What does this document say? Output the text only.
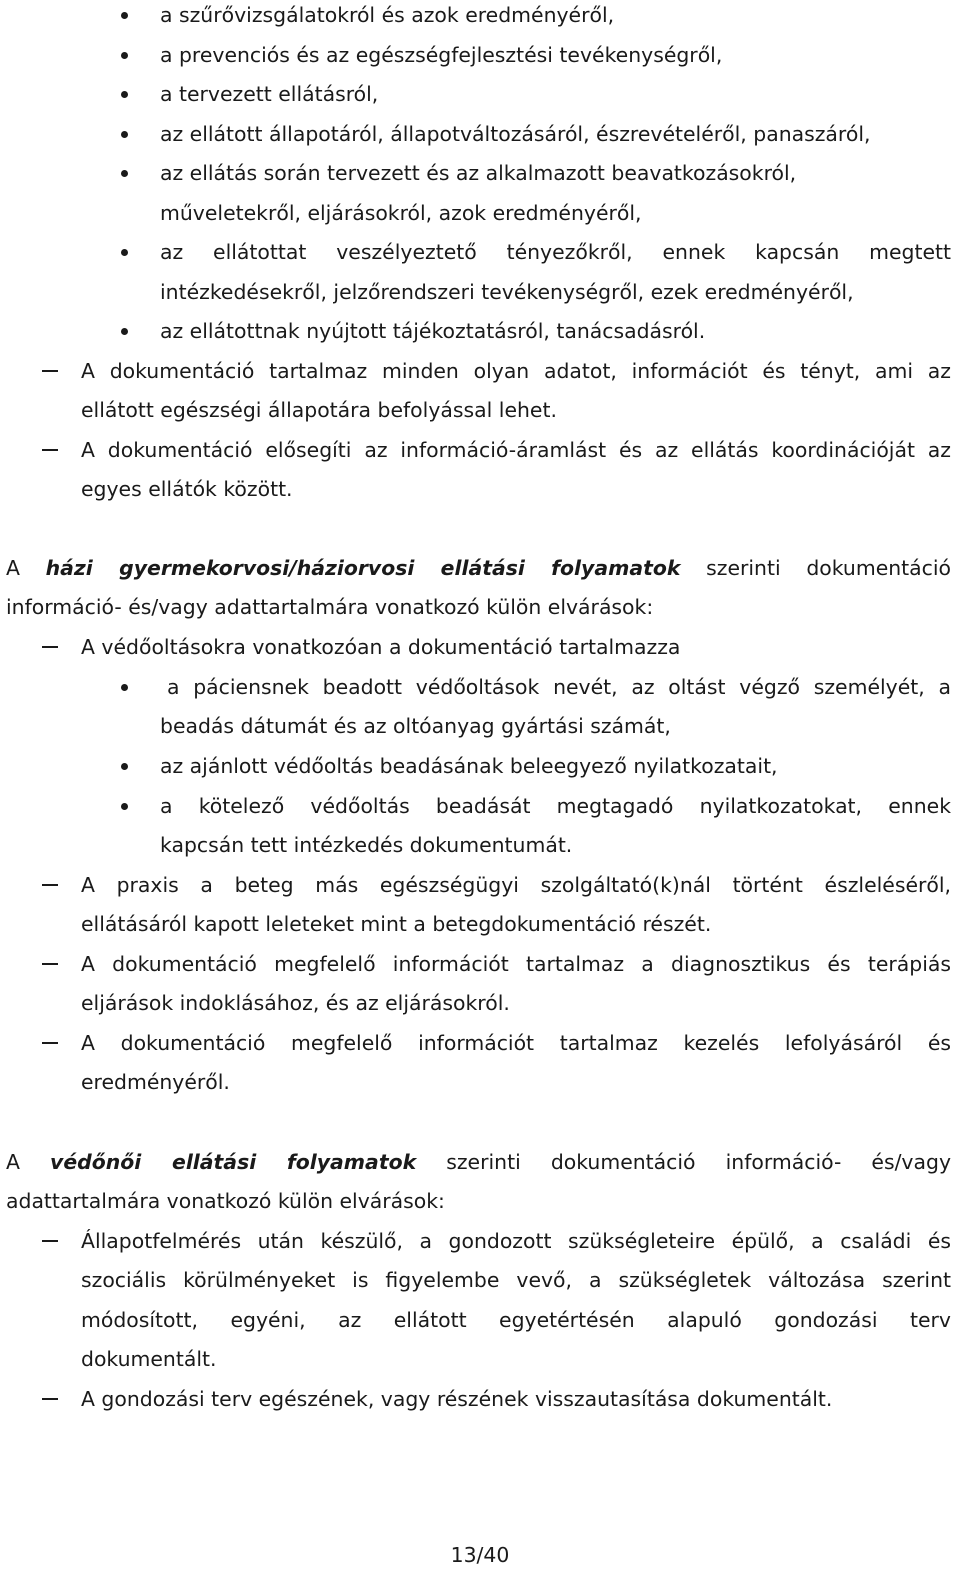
a szűrővizsgálatokról és azok eredményéről,
a prevenciós és az egészségfejlesztési tevékenységről,
a tervezett ellátásról,
az ellátott állapotáról, állapotváltozásáról, észrevételéről, panaszáról,
az ellátás során tervezett és az alkalmazott beavatkozásokról,
műveletekről, eljárásokról, azok eredményéről,
az ellátottat veszélyeztető tényezőkről, ennek kapcsán megtett
intézkedésekről, jelzőrendszeri tevékenységről, ezek eredményéről,
az ellátottnak nyújtott tájékoztatásról, tanácsadásról.
A dokumentáció tartalmaz minden olyan adatot, információt és tényt, ami az
ellátott egészségi állapotára befolyással lehet.
A dokumentáció elősegíti az információ-áramlást és az ellátás koordinációját az
egyes ellátók között.
A házi gyermekorvosi/háziorvosi ellátási folyamatok szerinti dokumentáció
információ- és/vagy adattartalmára vonatkozó külön elvárások:
A védőoltásokra vonatkozóan a dokumentáció tartalmazza
a páciensnek beadott védőoltások nevét, az oltást végző személyét, a
beadás dátumát és az oltóanyag gyártási számát,
az ajánlott védőoltás beadásának beleegyező nyilatkozatait,
a kötelező védőoltás beadását megtagadó nyilatkozatokat, ennek
kapcsán tett intézkedés dokumentumát.
A praxis a beteg más egészségügyi szolgáltató(k)nál történt észleléséről,
ellátásáról kapott leleteket mint a betegdokumentáció részét.
A dokumentáció megfelelő információt tartalmaz a diagnosztikus és terápiás
eljárások indoklásához, és az eljárásokról.
A dokumentáció megfelelő információt tartalmaz kezelés lefolyásáról és
eredményéről.
A védőnői ellátási folyamatok szerinti dokumentáció információ- és/vagy
adattartalmára vonatkozó külön elvárások:
Állapotfelmérés után készülő, a gondozott szükségleteire épülő, a családi és
szociális körülményeket is figyelembe vevő, a szükségletek változása szerint
módosított, egyéni, az ellátott egyetértésén alapuló gondozási terv
dokumentált.
A gondozási terv egészének, vagy részének visszautasítása dokumentált.
13/40
